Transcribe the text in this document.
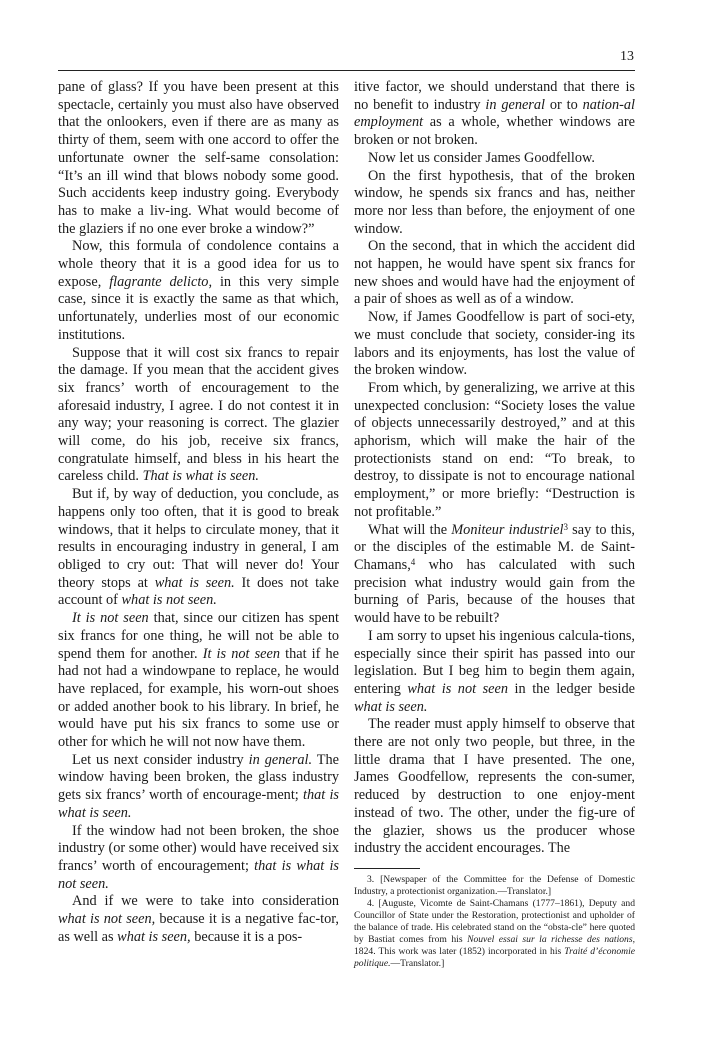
13

pane of glass? If you have been present at this spectacle, certainly you must also have observed that the onlookers, even if there are as many as thirty of them, seem with one accord to offer the unfortunate owner the self-same consolation: “It’s an ill wind that blows nobody some good. Such accidents keep industry going. Everybody has to make a liv-ing. What would become of the glaziers if no one ever broke a window?”

Now, this formula of condolence contains a whole theory that it is a good idea for us to expose, flagrante delicto, in this very simple case, since it is exactly the same as that which, unfortunately, underlies most of our economic institutions.

Suppose that it will cost six francs to repair the damage. If you mean that the accident gives six francs’ worth of encouragement to the aforesaid industry, I agree. I do not contest it in any way; your reasoning is correct. The glazier will come, do his job, receive six francs, congratulate himself, and bless in his heart the careless child. That is what is seen.

But if, by way of deduction, you conclude, as happens only too often, that it is good to break windows, that it helps to circulate money, that it results in encouraging industry in general, I am obliged to cry out: That will never do! Your theory stops at what is seen. It does not take account of what is not seen.

It is not seen that, since our citizen has spent six francs for one thing, he will not be able to spend them for another. It is not seen that if he had not had a windowpane to replace, he would have replaced, for example, his worn-out shoes or added another book to his library. In brief, he would have put his six francs to some use or other for which he will not now have them.

Let us next consider industry in general. The window having been broken, the glass industry gets six francs’ worth of encourage-ment; that is what is seen.

If the window had not been broken, the shoe industry (or some other) would have received six francs’ worth of encouragement; that is what is not seen.

And if we were to take into consideration what is not seen, because it is a negative fac-tor, as well as what is seen, because it is a pos-

itive factor, we should understand that there is no benefit to industry in general or to nation-al employment as a whole, whether windows are broken or not broken.

Now let us consider James Goodfellow.

On the first hypothesis, that of the broken window, he spends six francs and has, neither more nor less than before, the enjoyment of one window.

On the second, that in which the accident did not happen, he would have spent six francs for new shoes and would have had the enjoyment of a pair of shoes as well as of a window.

Now, if James Goodfellow is part of soci-ety, we must conclude that society, consider-ing its labors and its enjoyments, has lost the value of the broken window.

From which, by generalizing, we arrive at this unexpected conclusion: “Society loses the value of objects unnecessarily destroyed,” and at this aphorism, which will make the hair of the protectionists stand on end: “To break, to destroy, to dissipate is not to encourage national employment,” or more briefly: “Destruction is not profitable.”

What will the Moniteur industriel$^3$ say to this, or the disciples of the estimable M. de Saint-Chamans,$^4$ who has calculated with such precision what industry would gain from the burning of Paris, because of the houses that would have to be rebuilt?

I am sorry to upset his ingenious calcula-tions, especially since their spirit has passed into our legislation. But I beg him to begin them again, entering what is not seen in the ledger beside what is seen.

The reader must apply himself to observe that there are not only two people, but three, in the little drama that I have presented. The one, James Goodfellow, represents the con-sumer, reduced by destruction to one enjoy-ment instead of two. The other, under the fig-ure of the glazier, shows us the producer whose industry the accident encourages. The

3. [Newspaper of the Committee for the Defense of Domestic Industry, a protectionist organization.—Translator.]

4. [Auguste, Vicomte de Saint-Chamans (1777–1861), Deputy and Councillor of State under the Restoration, protectionist and upholder of the balance of trade. His celebrated stand on the “obsta-cle” here quoted by Bastiat comes from his Nouvel essai sur la richesse des nations, 1824. This work was later (1852) incorporated in his Traité d’économie politique.—Translator.]
